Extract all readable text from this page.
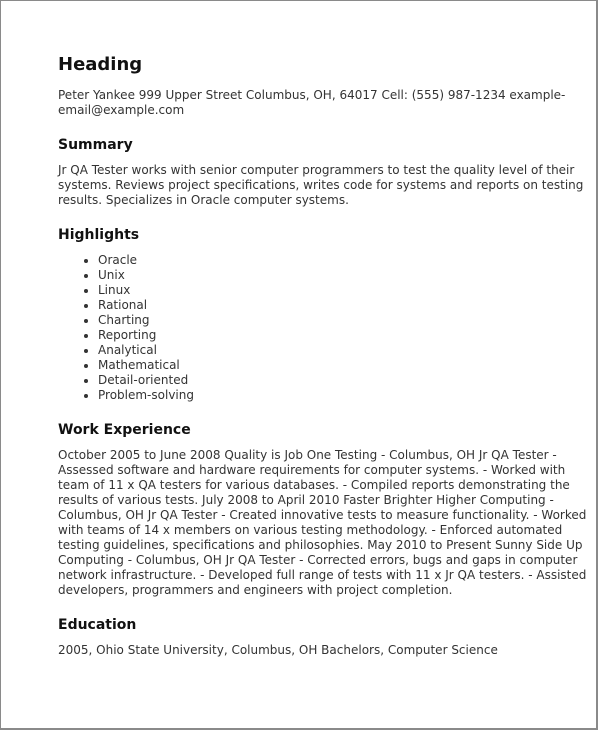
Heading

Peter Yankee 999 Upper Street Columbus, OH, 64017 Cell: (555) 987-1234 example-email@example.com

Summary

Jr QA Tester works with senior computer programmers to test the quality level of their systems. Reviews project specifications, writes code for systems and reports on testing results. Specializes in Oracle computer systems.

Highlights
• Oracle
• Unix
• Linux
• Rational
• Charting
• Reporting
• Analytical
• Mathematical
• Detail-oriented
• Problem-solving
Work Experience

October 2005 to June 2008 Quality is Job One Testing - Columbus, OH Jr QA Tester - Assessed software and hardware requirements for computer systems. - Worked with team of 11 x QA testers for various databases. - Compiled reports demonstrating the results of various tests. July 2008 to April 2010 Faster Brighter Higher Computing - Columbus, OH Jr QA Tester - Created innovative tests to measure functionality. - Worked with teams of 14 x members on various testing methodology. - Enforced automated testing guidelines, specifications and philosophies. May 2010 to Present Sunny Side Up Computing - Columbus, OH Jr QA Tester - Corrected errors, bugs and gaps in computer network infrastructure. - Developed full range of tests with 11 x Jr QA testers. - Assisted developers, programmers and engineers with project completion.

Education

2005, Ohio State University, Columbus, OH Bachelors, Computer Science
